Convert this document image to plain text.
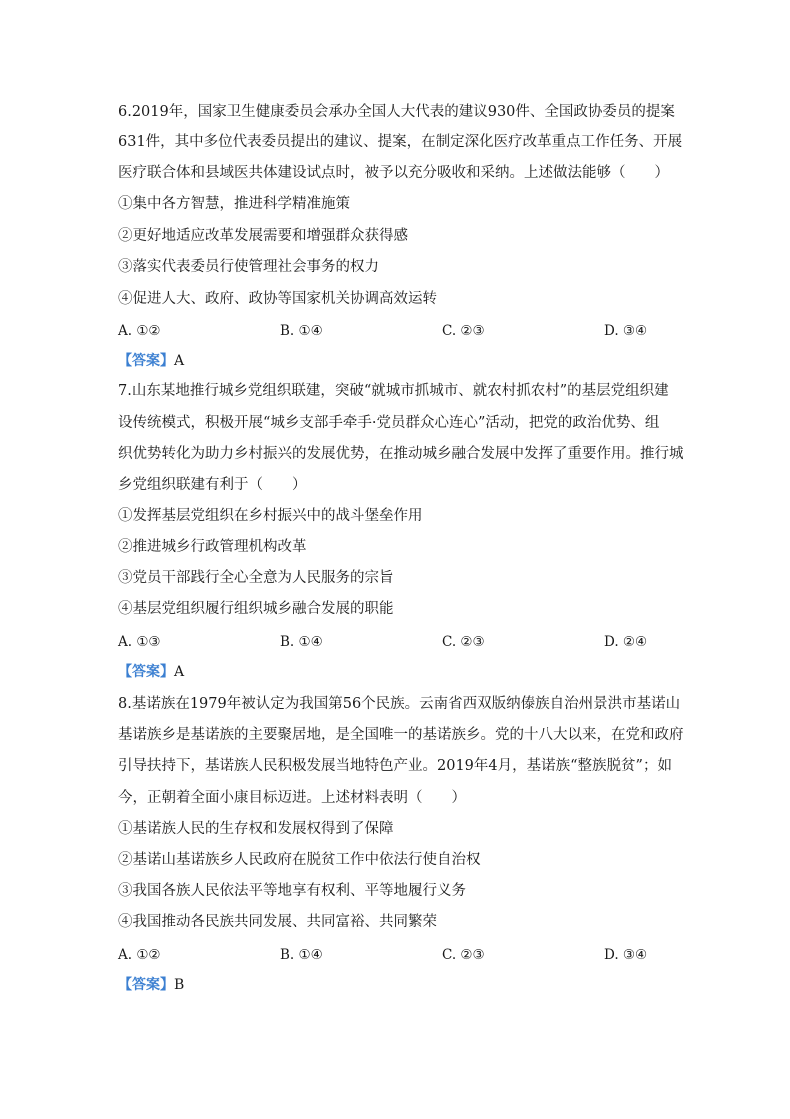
6.2019年，国家卫生健康委员会承办全国人大代表的建议930件、全国政协委员的提案
631件，其中多位代表委员提出的建议、提案，在制定深化医疗改革重点工作任务、开展
医疗联合体和县域医共体建设试点时，被予以充分吸收和采纳。上述做法能够（　　）
①集中各方智慧，推进科学精准施策
②更好地适应改革发展需要和增强群众获得感
③落实代表委员行使管理社会事务的权力
④促进人大、政府、政协等国家机关协调高效运转
A. ①②	B. ①④	C. ②③	D. ③④
【答案】A
7.山东某地推行城乡党组织联建，突破“就城市抓城市、就农村抓农村”的基层党组织建
设传统模式，积极开展“城乡支部手牵手·党员群众心连心”活动，把党的政治优势、组
织优势转化为助力乡村振兴的发展优势，在推动城乡融合发展中发挥了重要作用。推行城
乡党组织联建有利于（　　）
①发挥基层党组织在乡村振兴中的战斗堡垒作用
②推进城乡行政管理机构改革
③党员干部践行全心全意为人民服务的宗旨
④基层党组织履行组织城乡融合发展的职能
A. ①③	B. ①④	C. ②③	D. ②④
【答案】A
8.基诺族在1979年被认定为我国第56个民族。云南省西双版纳傣族自治州景洪市基诺山
基诺族乡是基诺族的主要聚居地，是全国唯一的基诺族乡。党的十八大以来，在党和政府
引导扶持下，基诺族人民积极发展当地特色产业。2019年4月，基诺族“整族脱贫”；如
今，正朝着全面小康目标迈进。上述材料表明（　　）
①基诺族人民的生存权和发展权得到了保障
②基诺山基诺族乡人民政府在脱贫工作中依法行使自治权
③我国各族人民依法平等地享有权利、平等地履行义务
④我国推动各民族共同发展、共同富裕、共同繁荣
A. ①②	B. ①④	C. ②③	D. ③④
【答案】B
